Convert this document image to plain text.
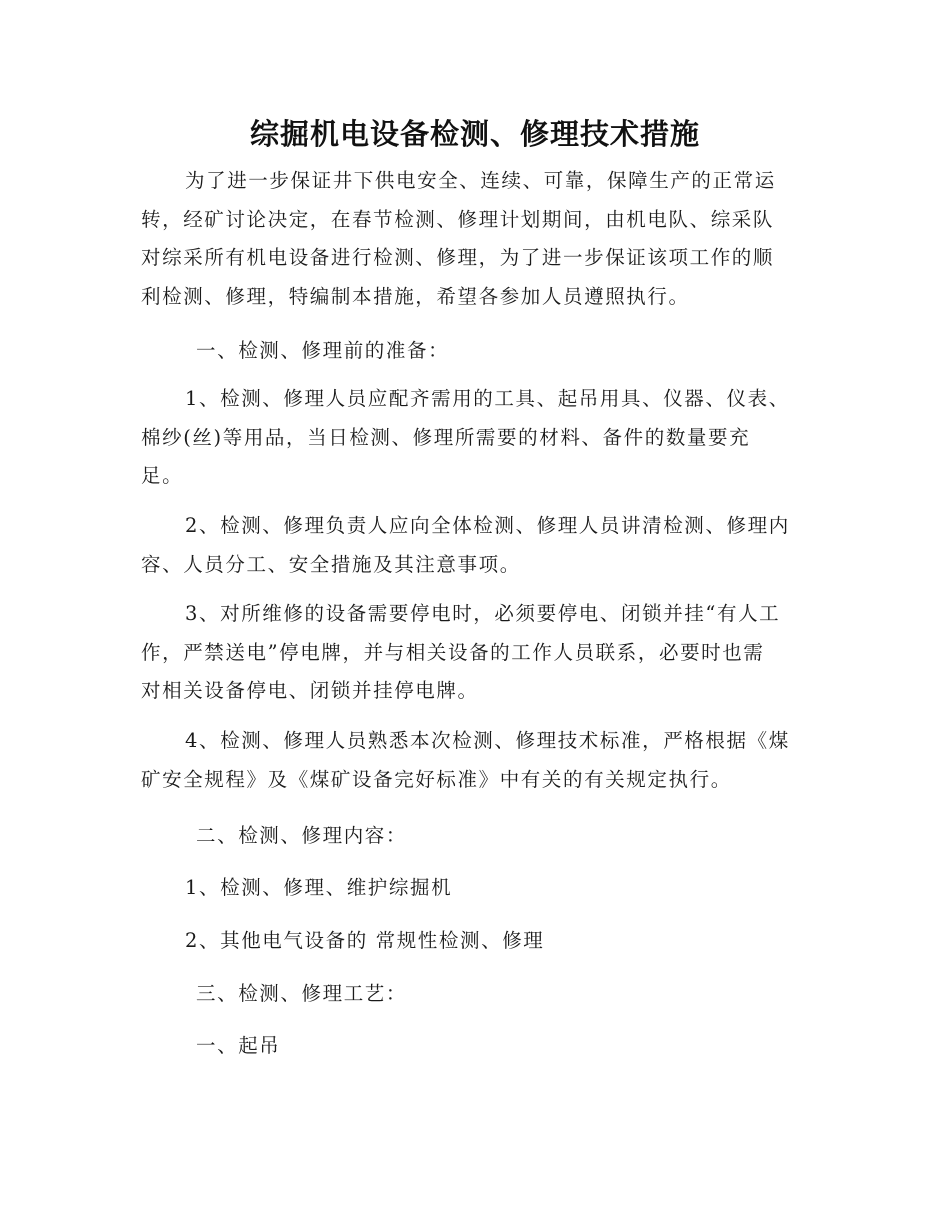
综掘机电设备检测、修理技术措施
为了进一步保证井下供电安全、连续、可靠，保障生产的正常运
转，经矿讨论决定，在春节检测、修理计划期间，由机电队、综采队
对综采所有机电设备进行检测、修理，为了进一步保证该项工作的顺
利检测、修理，特编制本措施，希望各参加人员遵照执行。
一、检测、修理前的准备：
1、检测、修理人员应配齐需用的工具、起吊用具、仪器、仪表、
棉纱(丝)等用品，当日检测、修理所需要的材料、备件的数量要充
足。
2、检测、修理负责人应向全体检测、修理人员讲清检测、修理内
容、人员分工、安全措施及其注意事项。
3、对所维修的设备需要停电时，必须要停电、闭锁并挂“有人工
作，严禁送电”停电牌，并与相关设备的工作人员联系，必要时也需
对相关设备停电、闭锁并挂停电牌。
4、检测、修理人员熟悉本次检测、修理技术标准，严格根据《煤
矿安全规程》及《煤矿设备完好标准》中有关的有关规定执行。
二、检测、修理内容：
1、检测、修理、维护综掘机
2、其他电气设备的 常规性检测、修理
三、检测、修理工艺：
一、起吊
